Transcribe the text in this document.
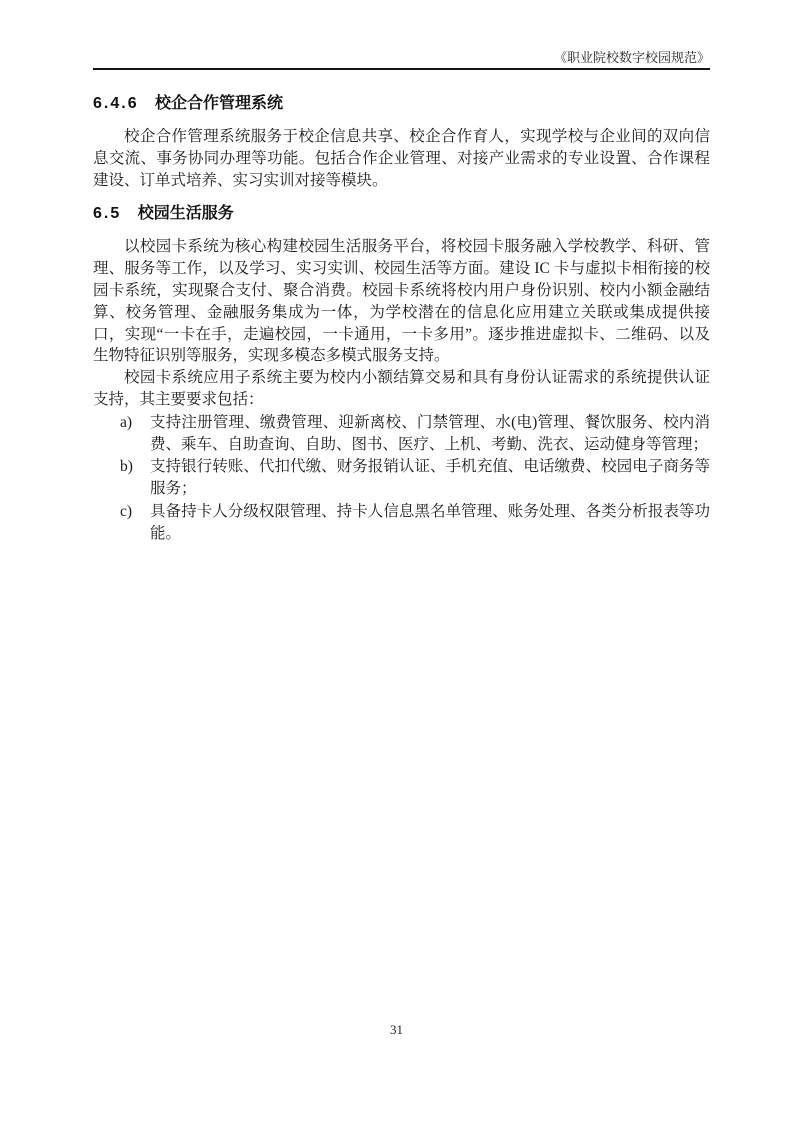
《职业院校数字校园规范》
6.4.6 校企合作管理系统

校企合作管理系统服务于校企信息共享、校企合作育人，实现学校与企业间的双向信息交流、事务协同办理等功能。包括合作企业管理、对接产业需求的专业设置、合作课程建设、订单式培养、实习实训对接等模块。

6.5 校园生活服务

以校园卡系统为核心构建校园生活服务平台，将校园卡服务融入学校教学、科研、管理、服务等工作，以及学习、实习实训、校园生活等方面。建设 IC 卡与虚拟卡相衔接的校园卡系统，实现聚合支付、聚合消费。校园卡系统将校内用户身份识别、校内小额金融结算、校务管理、金融服务集成为一体，为学校潜在的信息化应用建立关联或集成提供接口，实现“一卡在手，走遍校园，一卡通用，一卡多用”。逐步推进虚拟卡、二维码、以及生物特征识别等服务，实现多模态多模式服务支持。

校园卡系统应用子系统主要为校内小额结算交易和具有身份认证需求的系统提供认证支持，其主要要求包括：

a)	支持注册管理、缴费管理、迎新离校、门禁管理、水(电)管理、餐饮服务、校内消费、乘车、自助查询、自助、图书、医疗、上机、考勤、洗衣、运动健身等管理；
b)	支持银行转账、代扣代缴、财务报销认证、手机充值、电话缴费、校园电子商务等服务；
c)	具备持卡人分级权限管理、持卡人信息黑名单管理、账务处理、各类分析报表等功能。
31
